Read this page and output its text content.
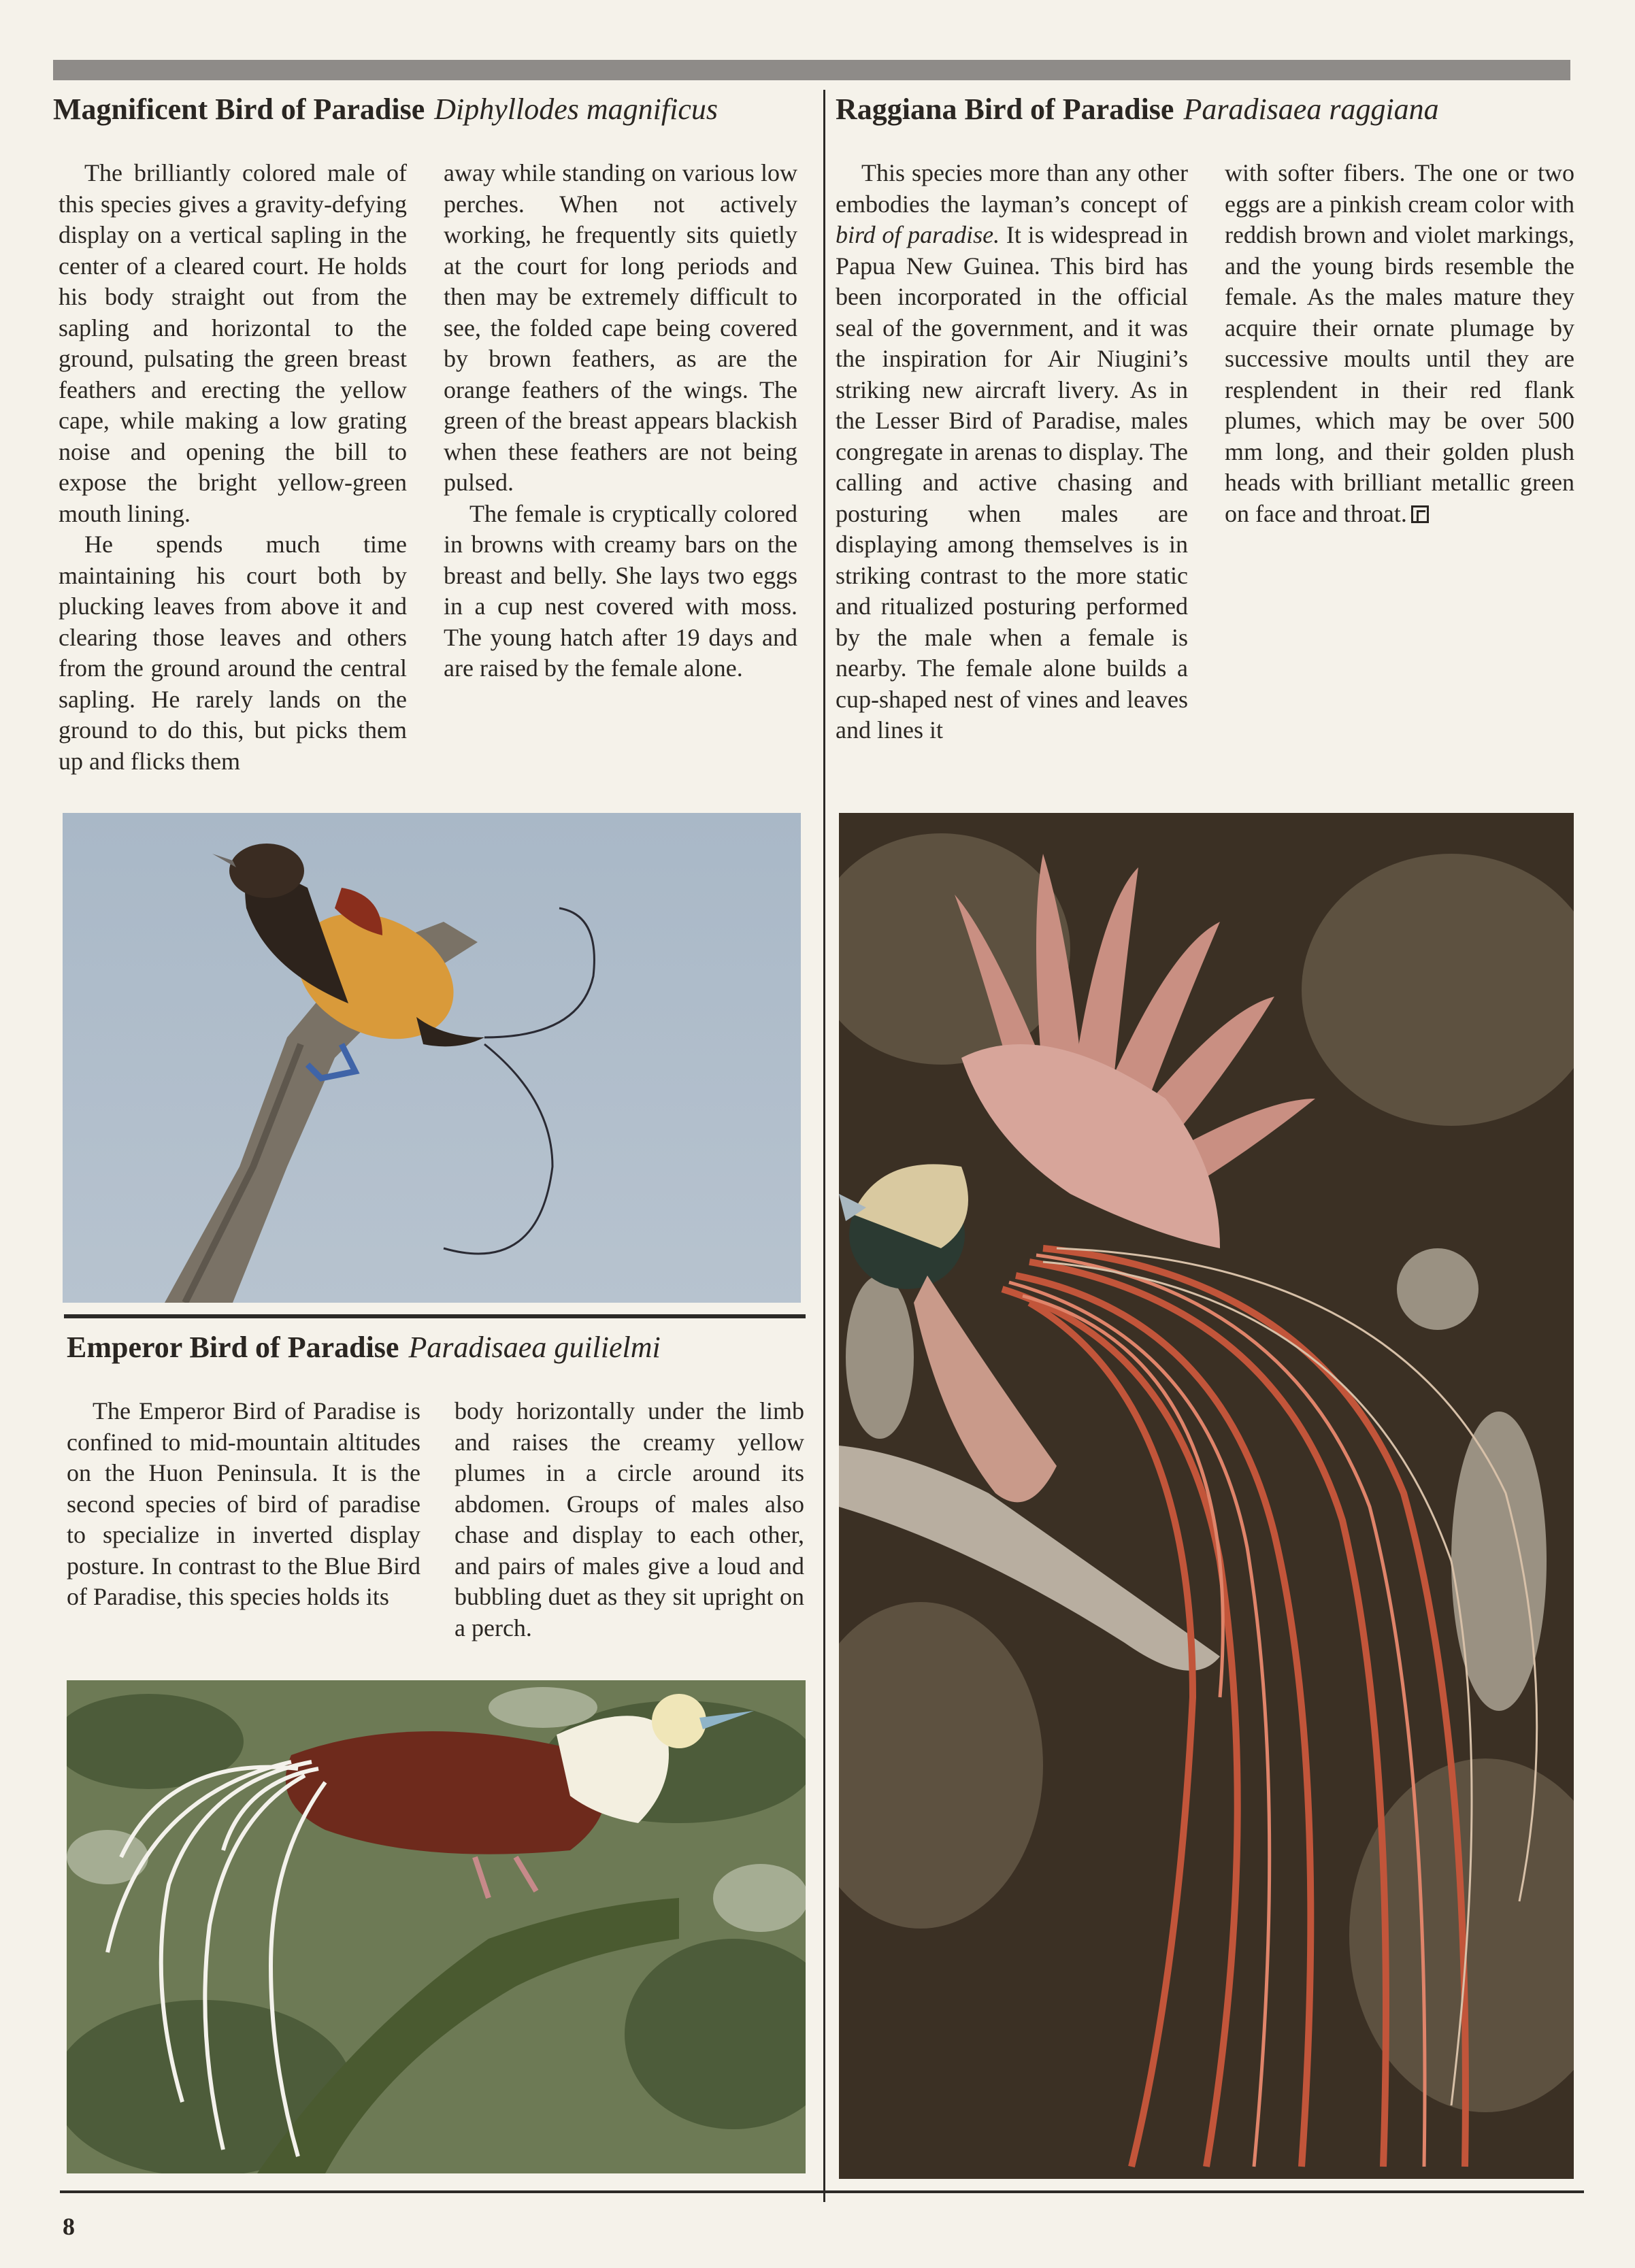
Magnificent Bird of Paradise Diphyllodes magnificus	Raggiana Bird of Paradise Paradisaea raggiana

The brilliantly colored male of this species gives a gravity-defying display on a vertical sapling in the center of a cleared court. He holds his body straight out from the sapling and horizontal to the ground, pulsating the green breast feathers and erecting the yellow cape, while making a low grating noise and opening the bill to expose the bright yellow-green mouth lining.

He spends much time maintaining his court both by plucking leaves from above it and clearing those leaves and others from the ground around the central sapling. He rarely lands on the ground to do this, but picks them up and flicks them

away while standing on various low perches. When not actively working, he frequently sits quietly at the court for long periods and then may be extremely difficult to see, the folded cape being covered by brown feathers, as are the orange feathers of the wings. The green of the breast appears blackish when these feathers are not being pulsed.

The female is cryptically colored in browns with creamy bars on the breast and belly. She lays two eggs in a cup nest covered with moss. The young hatch after 19 days and are raised by the female alone.

This species more than any other embodies the layman’s concept of bird of paradise. It is widespread in Papua New Guinea. This bird has been incorporated in the official seal of the government, and it was the inspiration for Air Niugini’s striking new aircraft livery. As in the Lesser Bird of Paradise, males congregate in arenas to display. The calling and active chasing and posturing when males are displaying among themselves is in striking contrast to the more static and ritualized posturing performed by the male when a female is nearby. The female alone builds a cup-shaped nest of vines and leaves and lines it

with softer fibers. The one or two eggs are a pinkish cream color with reddish brown and violet markings, and the young birds resemble the female. As the males mature they acquire their ornate plumage by successive moults until they are resplendent in their red flank plumes, which may be over 500 mm long, and their golden plush heads with brilliant metallic green on face and throat.

Emperor Bird of Paradise Paradisaea guilielmi

The Emperor Bird of Paradise is confined to mid-mountain altitudes on the Huon Peninsula. It is the second species of bird of paradise to specialize in inverted display posture. In contrast to the Blue Bird of Paradise, this species holds its

body horizontally under the limb and raises the creamy yellow plumes in a circle around its abdomen. Groups of males also chase and display to each other, and pairs of males give a loud and bubbling duet as they sit upright on a perch.

8
